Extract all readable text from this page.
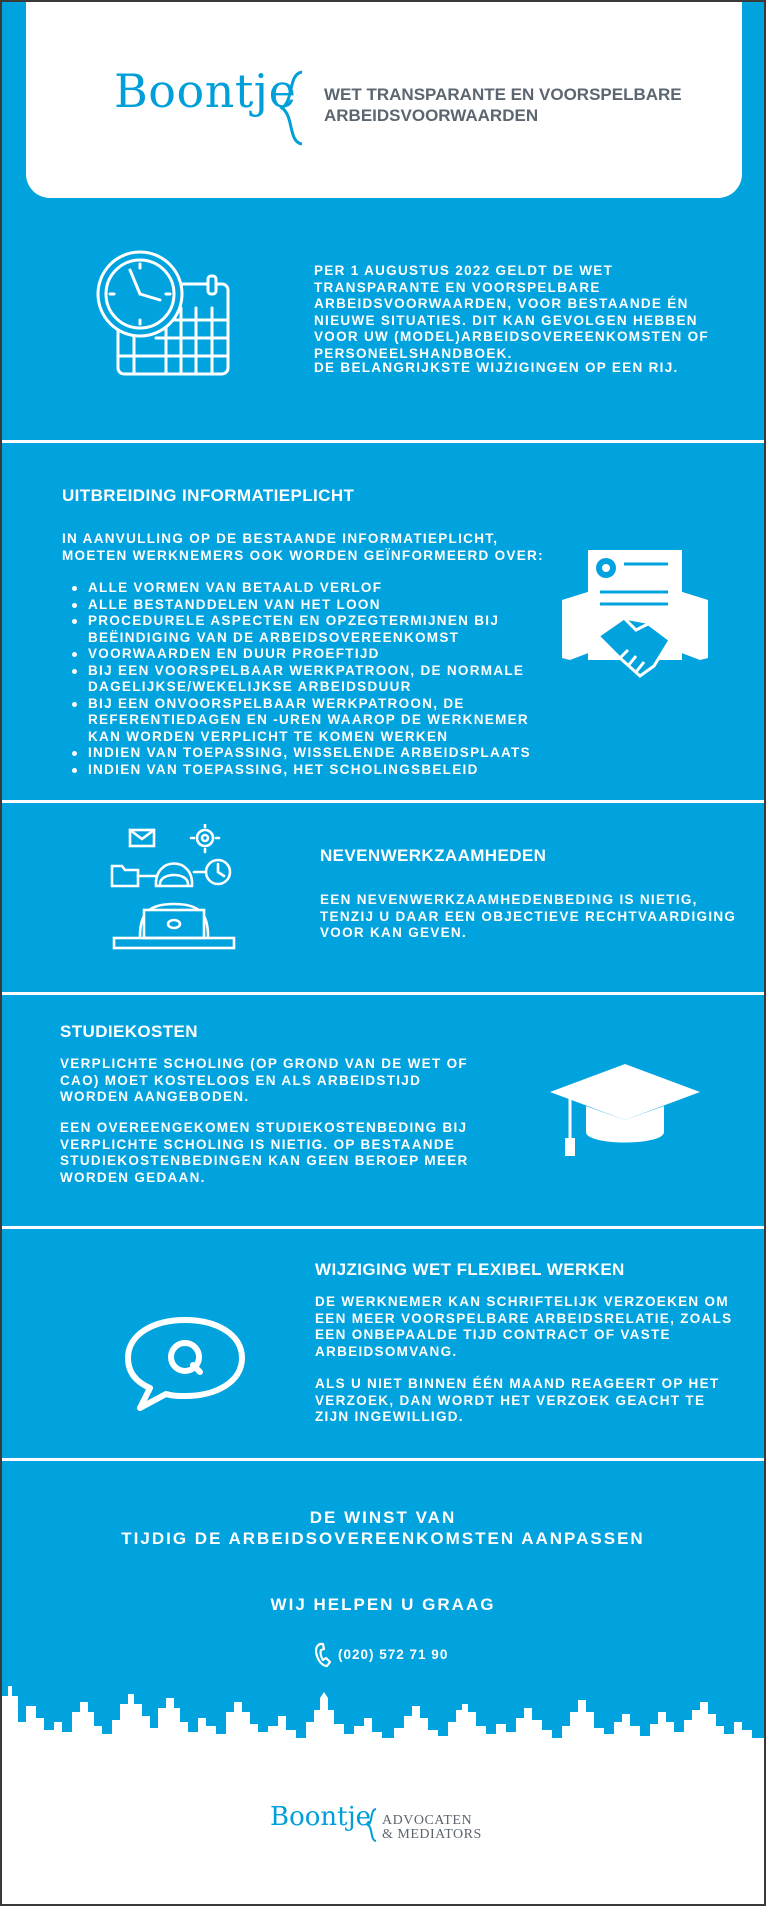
Boontje WET TRANSPARANTE EN VOORSPELBARE ARBEIDSVOORWAARDEN
PER 1 AUGUSTUS 2022 GELDT DE WET TRANSPARANTE EN VOORSPELBARE ARBEIDSVOORWAARDEN, VOOR BESTAANDE ÉN NIEUWE SITUATIES. DIT KAN GEVOLGEN HEBBEN VOOR UW (MODEL)ARBEIDSOVEREENKOMSTEN OF PERSONEELSHANDBOEK.
DE BELANGRIJKSTE WIJZIGINGEN OP EEN RIJ.
UITBREIDING INFORMATIEPLICHT
IN AANVULLING OP DE BESTAANDE INFORMATIEPLICHT, MOETEN WERKNEMERS OOK WORDEN GEÏNFORMEERD OVER:
ALLE VORMEN VAN BETAALD VERLOF
ALLE BESTANDDELEN VAN HET LOON
PROCEDURELE ASPECTEN EN OPZEGTERMIJNEN BIJ BEËINDIGING VAN DE ARBEIDSOVEREENKOMST
VOORWAARDEN EN DUUR PROEFTIJD
BIJ EEN VOORSPELBAAR WERKPATROON, DE NORMALE DAGELIJKSE/WEKELIJKSE ARBEIDSDUUR
BIJ EEN ONVOORSPELBAAR WERKPATROON, DE REFERENTIEDAGEN EN -UREN WAAROP DE WERKNEMER KAN WORDEN VERPLICHT TE KOMEN WERKEN
INDIEN VAN TOEPASSING, WISSELENDE ARBEIDSPLAATS
INDIEN VAN TOEPASSING, HET SCHOLINGSBELEID
NEVENWERKZAAMHEDEN
EEN NEVENWERKZAAMHEDENBEDING IS NIETIG, TENZIJ U DAAR EEN OBJECTIEVE RECHTVAARDIGING VOOR KAN GEVEN.
STUDIEKOSTEN
VERPLICHTE SCHOLING (OP GROND VAN DE WET OF CAO) MOET KOSTELOOS EN ALS ARBEIDSTIJD WORDEN AANGEBODEN.
EEN OVEREENGEKOMEN STUDIEKOSTENBEDING BIJ VERPLICHTE SCHOLING IS NIETIG. OP BESTAANDE STUDIEKOSTENBEDINGEN KAN GEEN BEROEP MEER WORDEN GEDAAN.
WIJZIGING WET FLEXIBEL WERKEN
DE WERKNEMER KAN SCHRIFTELIJK VERZOEKEN OM EEN MEER VOORSPELBARE ARBEIDSRELATIE, ZOALS EEN ONBEPAALDE TIJD CONTRACT OF VASTE ARBEIDSOMVANG.
ALS U NIET BINNEN ÉÉN MAAND REAGEERT OP HET VERZOEK, DAN WORDT HET VERZOEK GEACHT TE ZIJN INGEWILLIGD.
DE WINST VAN
TIJDIG DE ARBEIDSOVEREENKOMSTEN AANPASSEN
WIJ HELPEN U GRAAG
(020) 572 71 90
Boontje ADVOCATEN
& MEDIATORS
